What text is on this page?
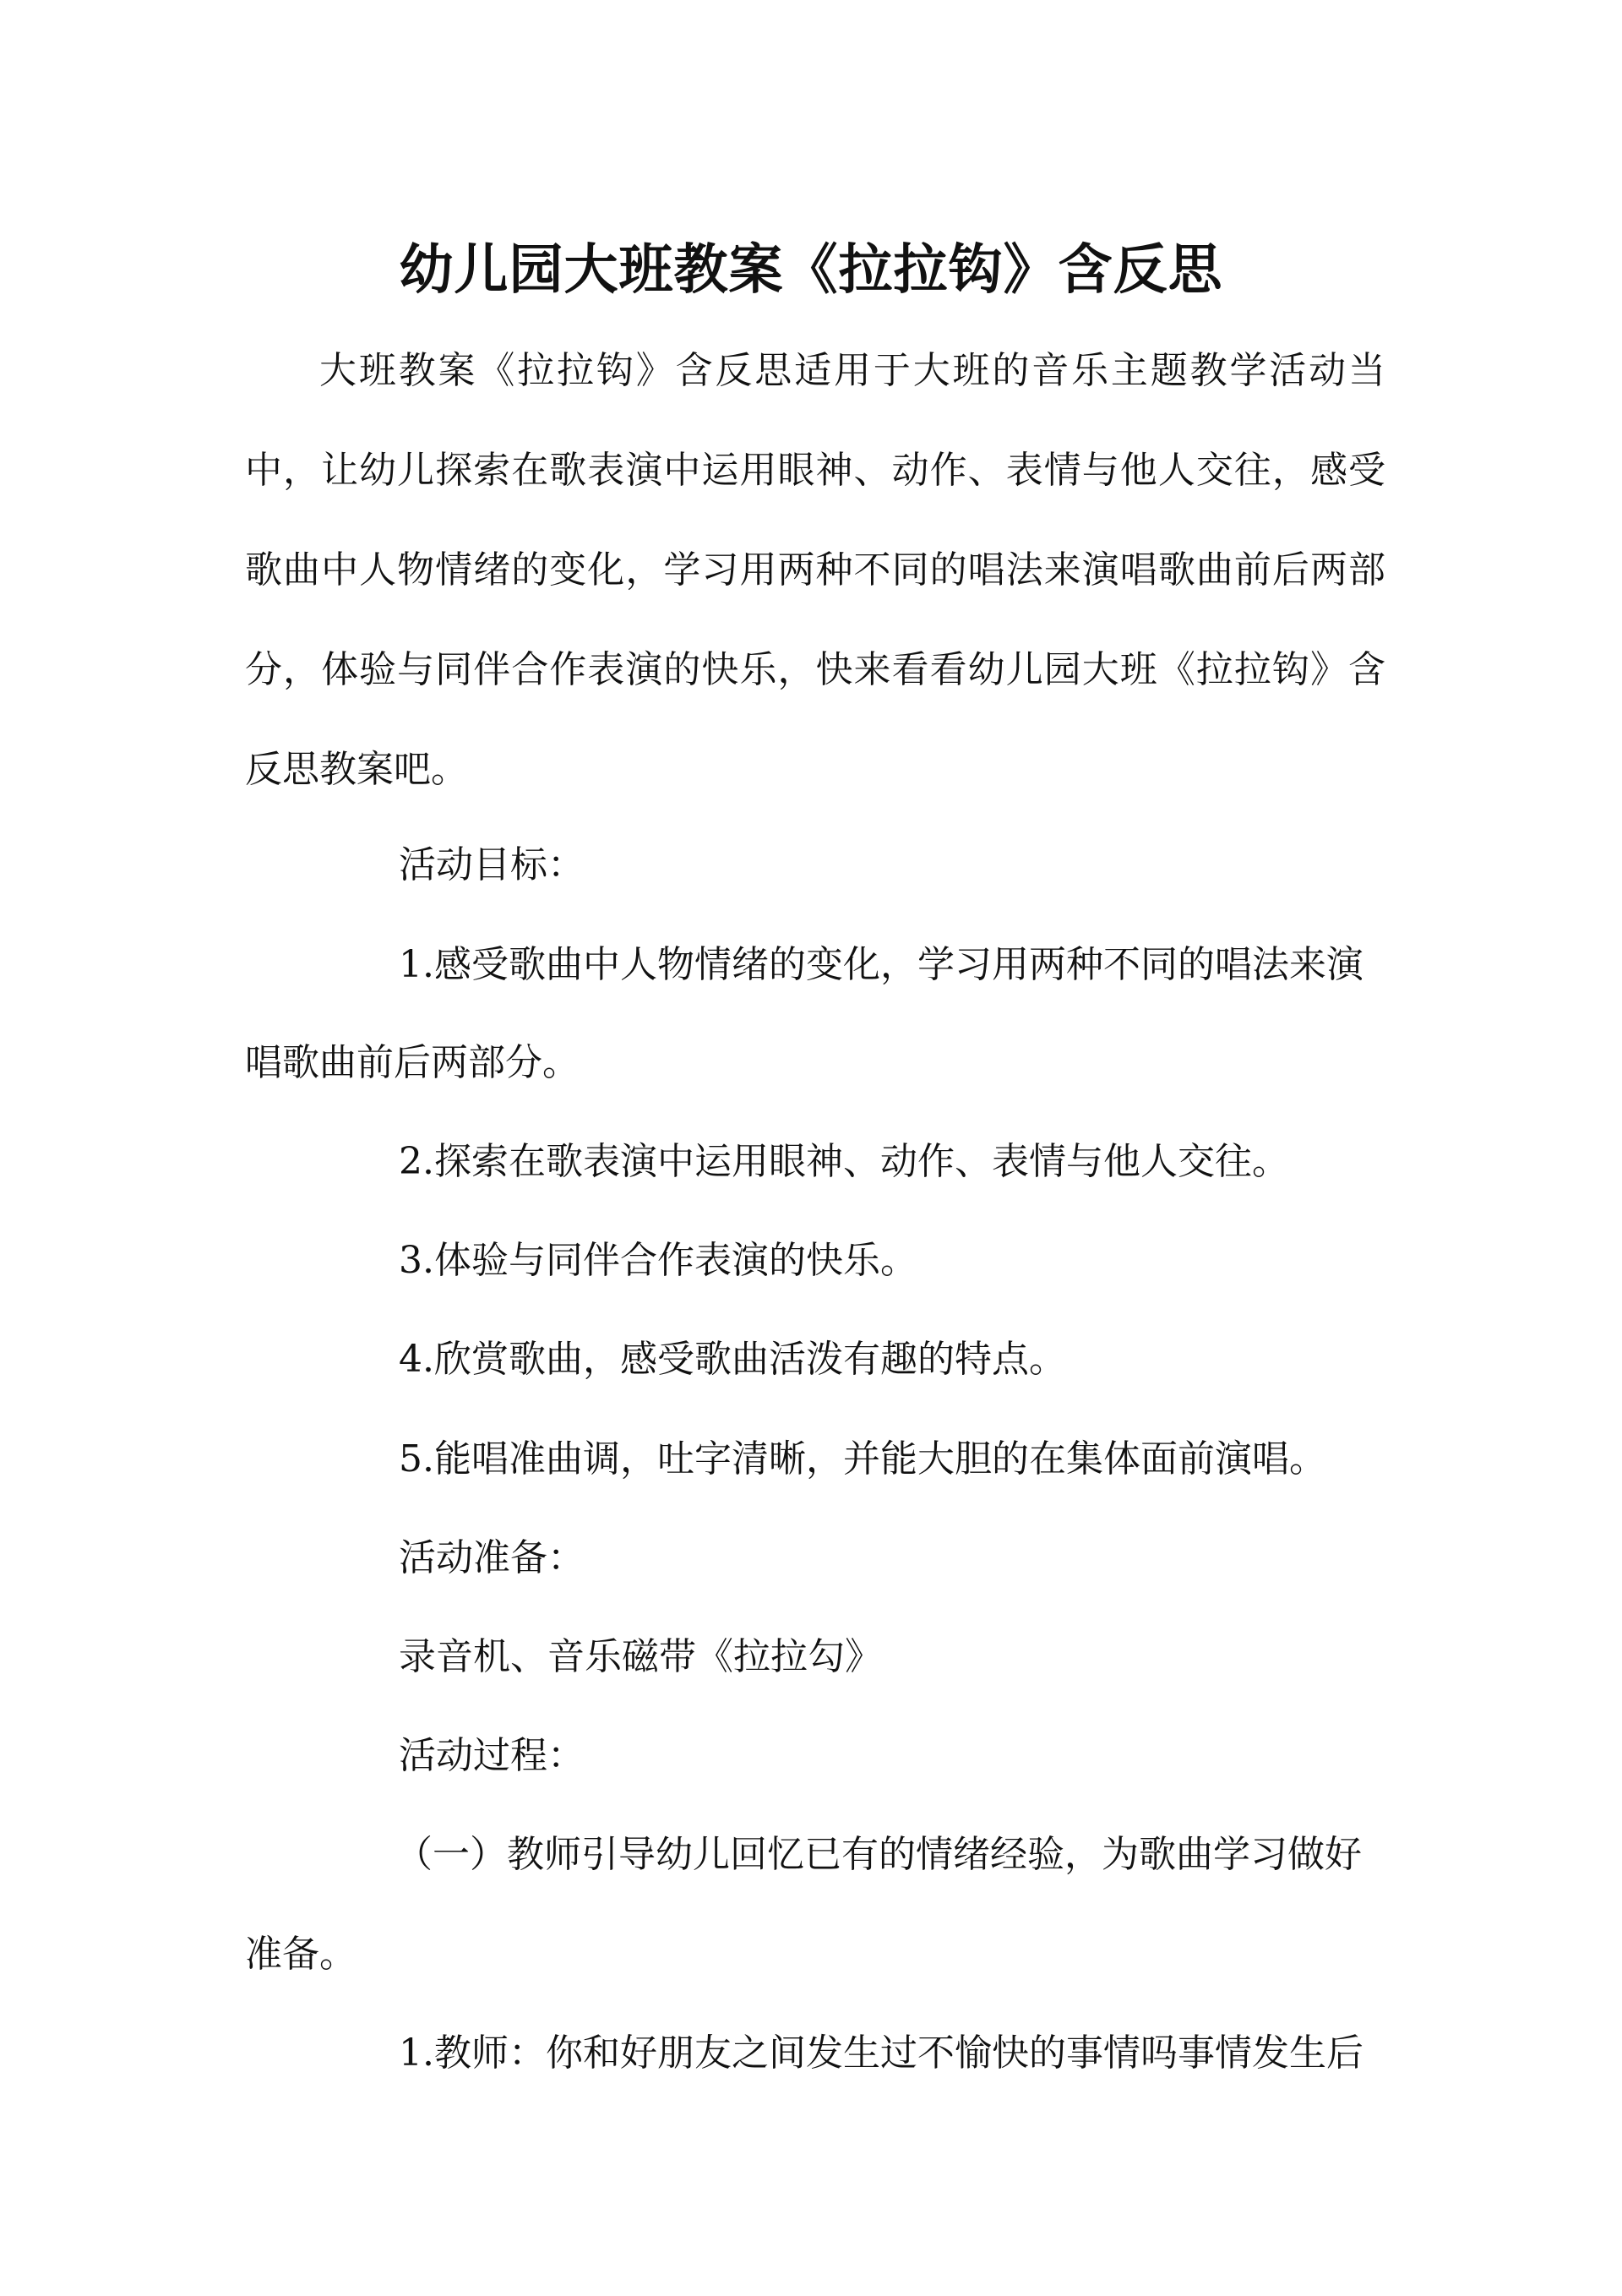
幼儿园大班教案《拉拉钩》含反思

大班教案《拉拉钩》含反思适用于大班的音乐主题教学活动当中，让幼儿探索在歌表演中运用眼神、动作、表情与他人交往，感受歌曲中人物情绪的变化，学习用两种不同的唱法来演唱歌曲前后两部分，体验与同伴合作表演的快乐，快来看看幼儿园大班《拉拉钩》含反思教案吧。

活动目标：

1.感受歌曲中人物情绪的变化，学习用两种不同的唱法来演

唱歌曲前后两部分。

2.探索在歌表演中运用眼神、动作、表情与他人交往。

3.体验与同伴合作表演的快乐。

4.欣赏歌曲，感受歌曲活泼有趣的特点。

5.能唱准曲调，吐字清晰，并能大胆的在集体面前演唱。

活动准备：

录音机、音乐磁带《拉拉勾》

活动过程：

（一）教师引导幼儿回忆已有的情绪经验，为歌曲学习做好

准备。

1.教师：你和好朋友之间发生过不愉快的事情吗事情发生后
